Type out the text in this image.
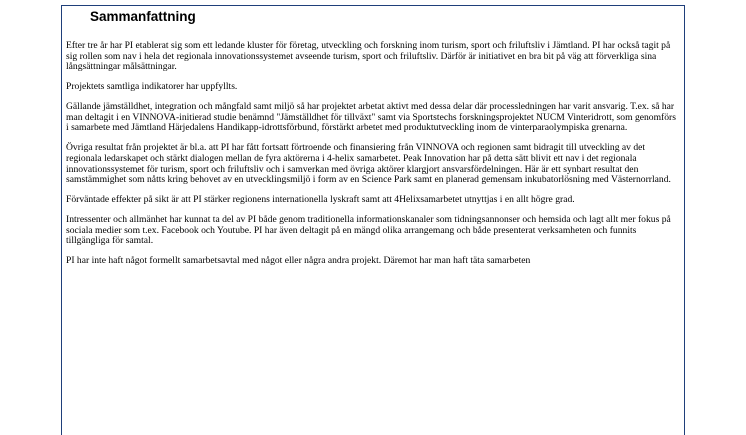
Sammanfattning

Efter tre år har PI etablerat sig som ett ledande kluster för företag, utveckling och forskning inom turism, sport och friluftsliv i Jämtland. PI har också tagit på sig rollen som nav i hela det regionala innovationssystemet avseende turism, sport och friluftsliv. Därför är initiativet en bra bit på väg att förverkliga sina långsättningar målsättningar.

Projektets samtliga indikatorer har uppfyllts.

Gällande jämställdhet, integration och mångfald samt miljö så har projektet arbetat aktivt med dessa delar där processledningen har varit ansvarig. T.ex. så har man deltagit i en VINNOVA-initierad studie benämnd "Jämställdhet för tillväxt" samt via Sportstechs forskningsprojektet NUCM Vinteridrott, som genomförs i samarbete med Jämtland Härjedalens Handikapp-idrottsförbund, förstärkt arbetet med produktutveckling inom de vinterparaolympiska grenarna.

Övriga resultat från projektet är bl.a. att PI har fått fortsatt förtroende och finansiering från VINNOVA och regionen samt bidragit till utveckling av det regionala ledarskapet och stärkt dialogen mellan de fyra aktörerna i 4-helix samarbetet. Peak Innovation har på detta sätt blivit ett nav i det regionala innovationssystemet för turism, sport och friluftsliv och i samverkan med övriga aktörer klargjort ansvarsfördelningen. Här är ett synbart resultat den samstämmighet som nåtts kring behovet av en utvecklingsmiljö i form av en Science Park samt en planerad gemensam inkubatorlösning med Västernorrland.

Förväntade effekter på sikt är att PI stärker regionens internationella lyskraft samt att 4Helixsamarbetet utnyttjas i en allt högre grad.

Intressenter och allmänhet har kunnat ta del av PI både genom traditionella informationskanaler som tidningsannonser och hemsida och lagt allt mer fokus på sociala medier som t.ex. Facebook och Youtube. PI har även deltagit på en mängd olika arrangemang och både presenterat verksamheten och funnits tillgängliga för samtal.

PI har inte haft något formellt samarbetsavtal med något eller några andra projekt. Däremot har man haft täta samarbeten
